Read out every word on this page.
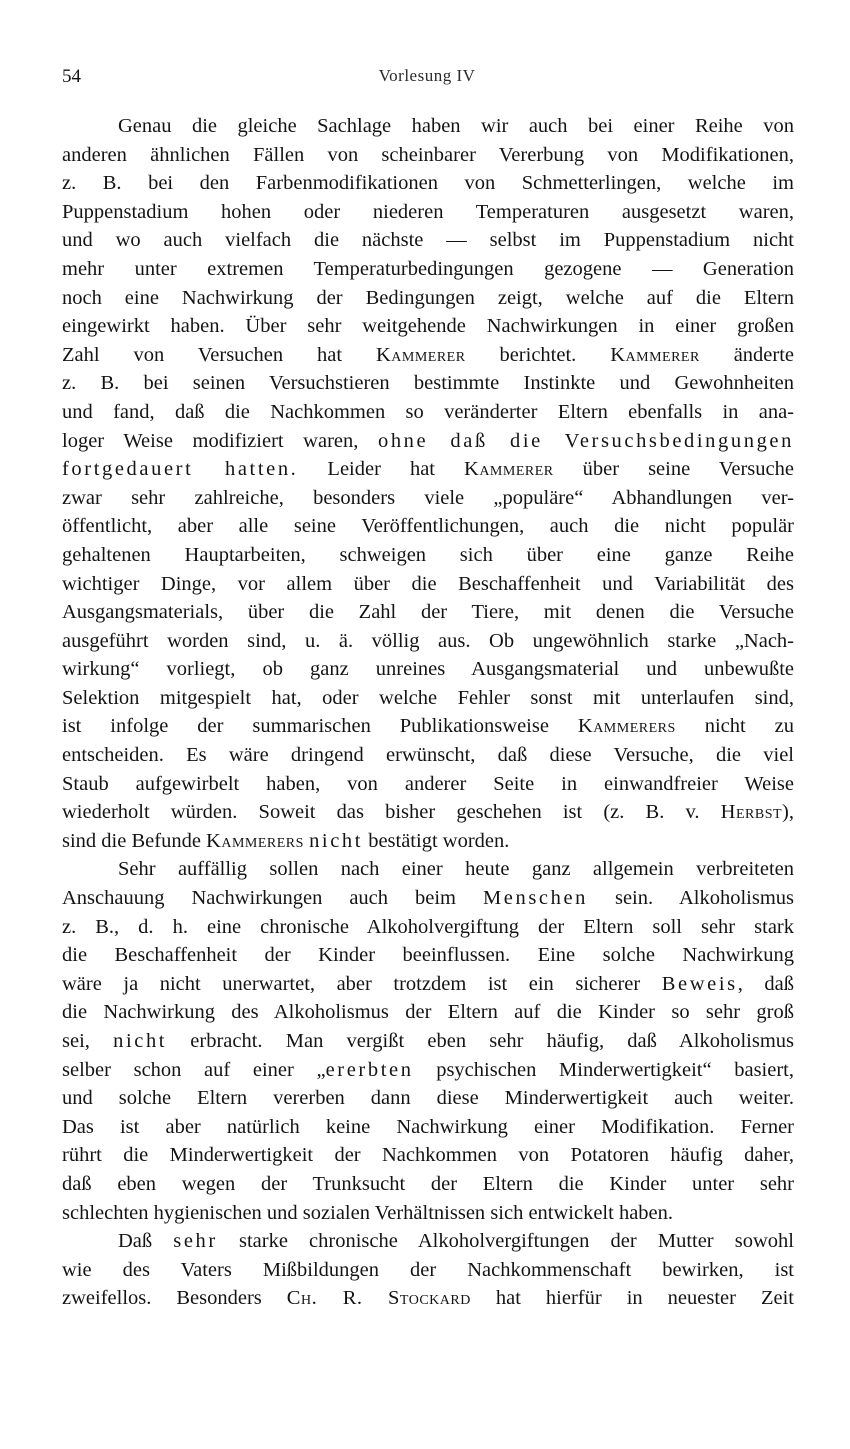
54	Vorlesung IV
Genau die gleiche Sachlage haben wir auch bei einer Reihe von
anderen ähnlichen Fällen von scheinbarer Vererbung von Modifikationen,
z. B. bei den Farbenmodifikationen von Schmetterlingen, welche im
Puppenstadium hohen oder niederen Temperaturen ausgesetzt waren,
und wo auch vielfach die nächste — selbst im Puppenstadium nicht
mehr unter extremen Temperaturbedingungen gezogene — Generation
noch eine Nachwirkung der Bedingungen zeigt, welche auf die Eltern
eingewirkt haben. Über sehr weitgehende Nachwirkungen in einer großen
Zahl von Versuchen hat Kammerer berichtet. Kammerer änderte
z. B. bei seinen Versuchstieren bestimmte Instinkte und Gewohnheiten
und fand, daß die Nachkommen so veränderter Eltern ebenfalls in ana-
loger Weise modifiziert waren, ohne daß die Versuchsbedingungen
fortgedauert hatten. Leider hat Kammerer über seine Versuche
zwar sehr zahlreiche, besonders viele „populäre“ Abhandlungen ver-
öffentlicht, aber alle seine Veröffentlichungen, auch die nicht populär
gehaltenen Hauptarbeiten, schweigen sich über eine ganze Reihe
wichtiger Dinge, vor allem über die Beschaffenheit und Variabilität des
Ausgangsmaterials, über die Zahl der Tiere, mit denen die Versuche
ausgeführt worden sind, u. ä. völlig aus. Ob ungewöhnlich starke „Nach-
wirkung“ vorliegt, ob ganz unreines Ausgangsmaterial und unbewußte
Selektion mitgespielt hat, oder welche Fehler sonst mit unterlaufen sind,
ist infolge der summarischen Publikationsweise Kammerers nicht zu
entscheiden. Es wäre dringend erwünscht, daß diese Versuche, die viel
Staub aufgewirbelt haben, von anderer Seite in einwandfreier Weise
wiederholt würden. Soweit das bisher geschehen ist (z. B. v. Herbst),
sind die Befunde Kammerers nicht bestätigt worden.
Sehr auffällig sollen nach einer heute ganz allgemein verbreiteten
Anschauung Nachwirkungen auch beim Menschen sein. Alkoholismus
z. B., d. h. eine chronische Alkoholvergiftung der Eltern soll sehr stark
die Beschaffenheit der Kinder beeinflussen. Eine solche Nachwirkung
wäre ja nicht unerwartet, aber trotzdem ist ein sicherer Beweis, daß
die Nachwirkung des Alkoholismus der Eltern auf die Kinder so sehr groß
sei, nicht erbracht. Man vergißt eben sehr häufig, daß Alkoholismus
selber schon auf einer „ererbten psychischen Minderwertigkeit“ basiert,
und solche Eltern vererben dann diese Minderwertigkeit auch weiter.
Das ist aber natürlich keine Nachwirkung einer Modifikation. Ferner
rührt die Minderwertigkeit der Nachkommen von Potatoren häufig daher,
daß eben wegen der Trunksucht der Eltern die Kinder unter sehr
schlechten hygienischen und sozialen Verhältnissen sich entwickelt haben.
Daß sehr starke chronische Alkoholvergiftungen der Mutter sowohl
wie des Vaters Mißbildungen der Nachkommenschaft bewirken, ist
zweifellos. Besonders Ch. R. Stockard hat hierfür in neuester Zeit
